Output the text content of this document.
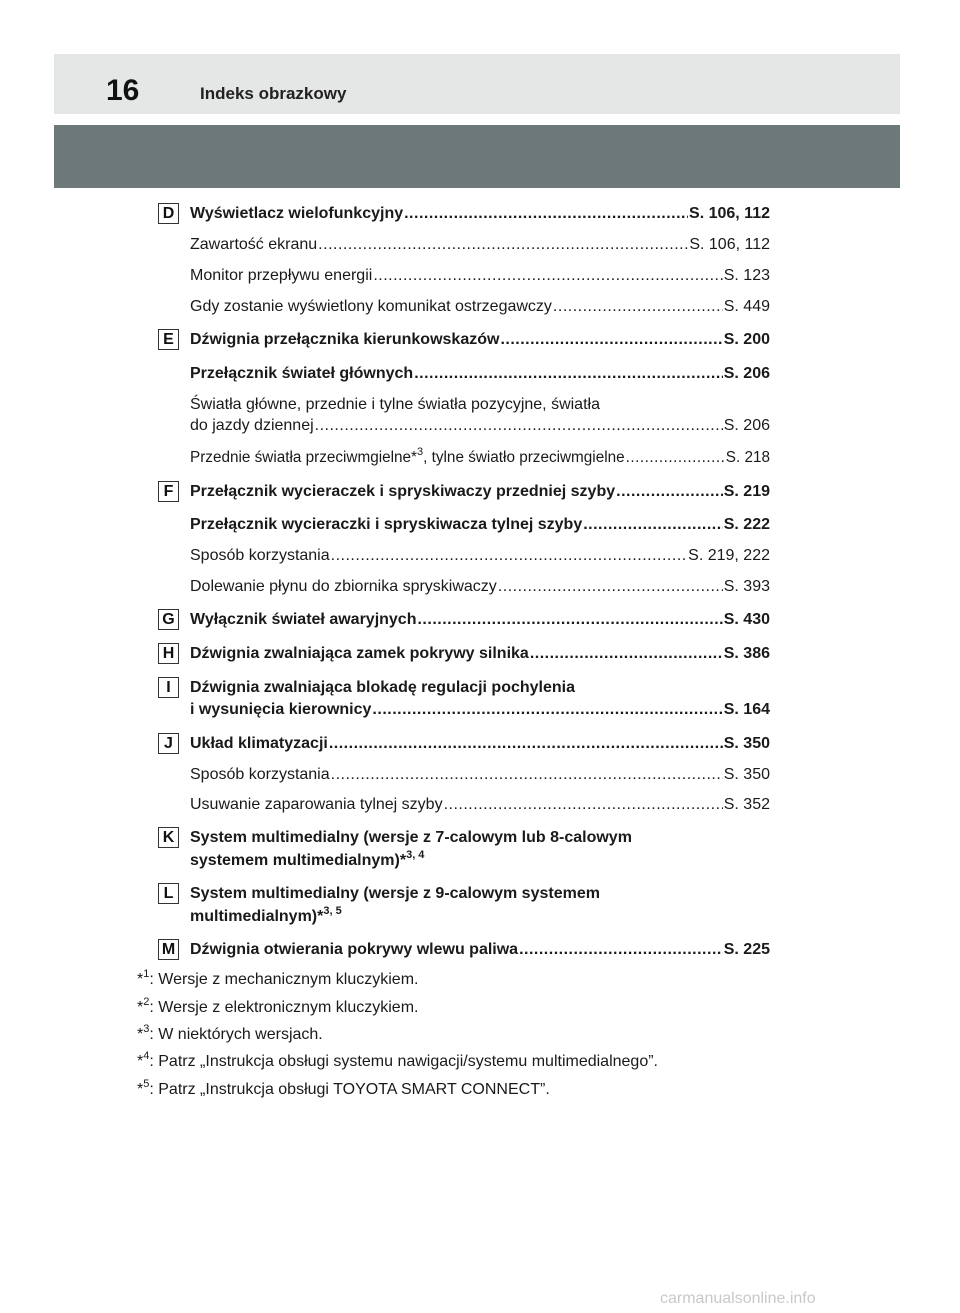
16	Indeks obrazkowy
D Wyświetlacz wielofunkcyjny .....	S. 106, 112
Zawartość ekranu .....	S. 106, 112
Monitor przepływu energii .....	S. 123
Gdy zostanie wyświetlony komunikat ostrzegawczy .....	S. 449
E	Dźwignia przełącznika kierunkowskazów .....	S. 200
Przełącznik świateł głównych .....	S. 206
Światła główne, przednie i tylne światła pozycyjne, światła
do jazdy dziennej .....	S. 206
Przednie światła przeciwmgielne*$^3$, tylne światło przeciwmgielne .....	S. 218
F	Przełącznik wycieraczek i spryskiwaczy przedniej szyby .....	S. 219
Przełącznik wycieraczki i spryskiwacza tylnej szyby .....	S. 222
Sposób korzystania .....	S. 219, 222
Dolewanie płynu do zbiornika spryskiwaczy .....	S. 393
G Wyłącznik świateł awaryjnych .....	S. 430
H Dźwignia zwalniająca zamek pokrywy silnika .....	S. 386
I	Dźwignia zwalniająca blokadę regulacji pochylenia
i wysunięcia kierownicy .....	S. 164
J	Układ klimatyzacji .....	S. 350
Sposób korzystania .....	S. 350
Usuwanie zaparowania tylnej szyby .....	S. 352
K System multimedialny (wersje z 7-calowym lub 8-calowym
systemem multimedialnym)*$^{3, 4}$
L	System multimedialny (wersje z 9-calowym systemem
multimedialnym)*$^{3, 5}$
M Dźwignia otwierania pokrywy wlewu paliwa .....	S. 225
*$^1$: Wersje z mechanicznym kluczykiem.
*$^2$: Wersje z elektronicznym kluczykiem.
*$^3$: W niektórych wersjach.
*$^4$: Patrz „Instrukcja obsługi systemu nawigacji/systemu multimedialnego”.
*$^5$: Patrz „Instrukcja obsługi TOYOTA SMART CONNECT”.
carmanualsonline.info
